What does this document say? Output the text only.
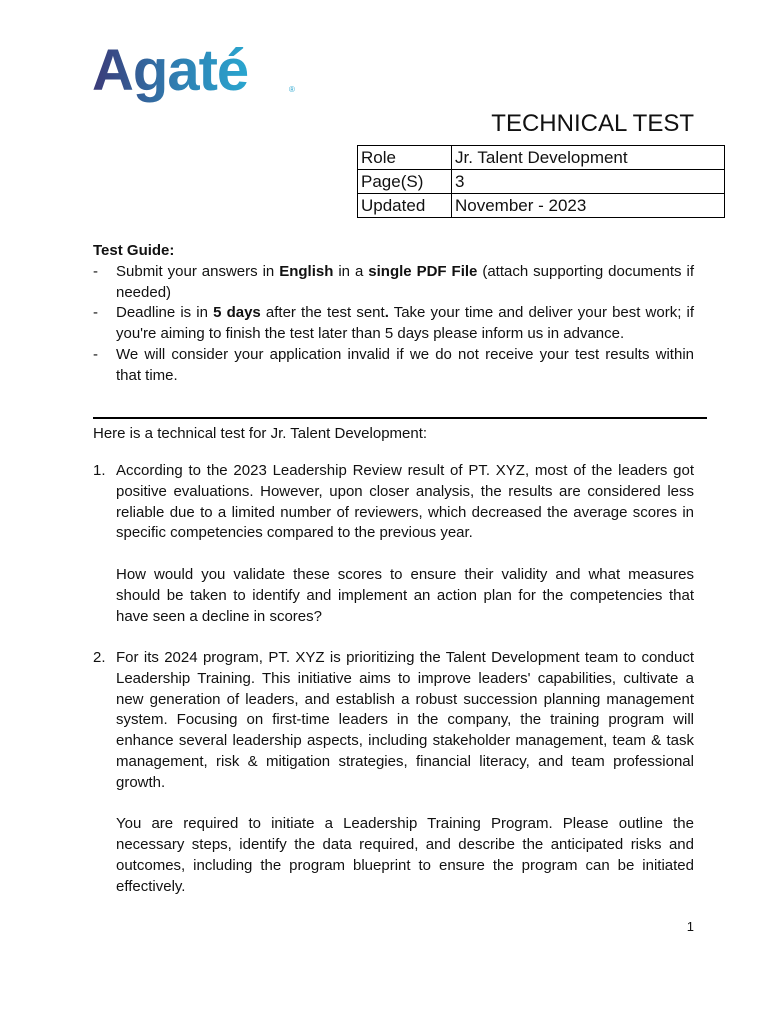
Agaté	®
TECHNICAL TEST
Role	Jr. Talent Development
Page(S)	3
Updated	November - 2023
Test Guide:
- Submit your answers in English in a single PDF File (attach supporting documents if needed)
- Deadline is in 5 days after the test sent. Take your time and deliver your best work; if you're aiming to finish the test later than 5 days please inform us in advance.
- We will consider your application invalid if we do not receive your test results within that time.
Here is a technical test for Jr. Talent Development:
1. According to the 2023 Leadership Review result of PT. XYZ, most of the leaders got positive evaluations. However, upon closer analysis, the results are considered less reliable due to a limited number of reviewers, which decreased the average scores in specific competencies compared to the previous year.

How would you validate these scores to ensure their validity and what measures should be taken to identify and implement an action plan for the competencies that have seen a decline in scores?

2. For its 2024 program, PT. XYZ is prioritizing the Talent Development team to conduct Leadership Training. This initiative aims to improve leaders' capabilities, cultivate a new generation of leaders, and establish a robust succession planning management system. Focusing on first-time leaders in the company, the training program will enhance several leadership aspects, including stakeholder management, team & task management, risk & mitigation strategies, financial literacy, and team professional growth.

You are required to initiate a Leadership Training Program. Please outline the necessary steps, identify the data required, and describe the anticipated risks and outcomes, including the program blueprint to ensure the program can be initiated effectively.

1
